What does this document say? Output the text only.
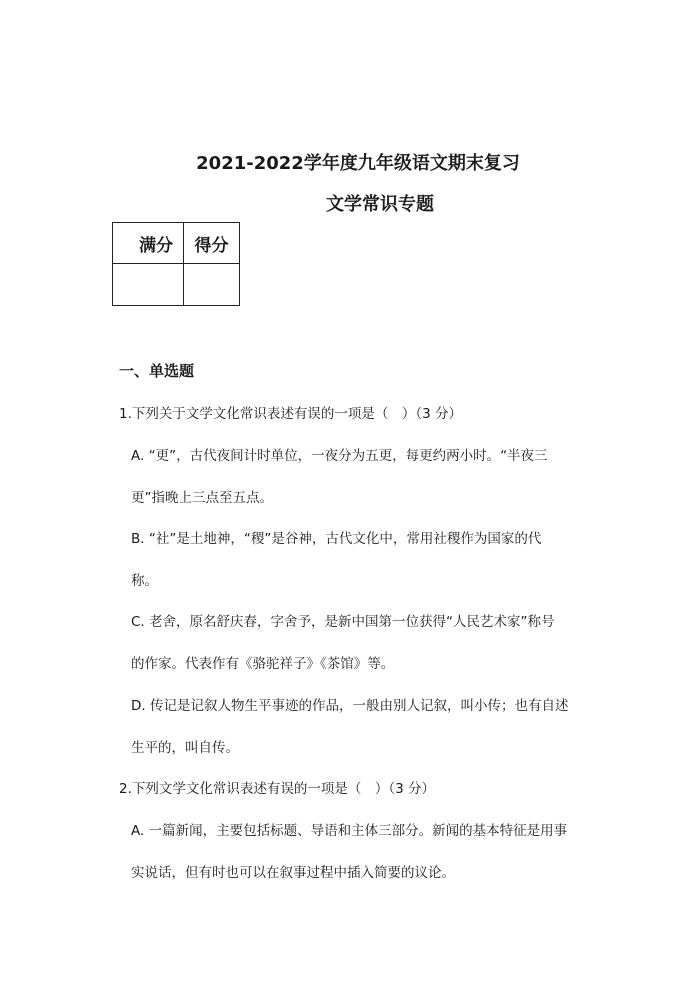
2021-2022学年度九年级语文期末复习
文学常识专题
满分	得分

一、单选题
1.下列关于文学文化常识表述有误的一项是（　）（3 分）
A. “更”，古代夜间计时单位，一夜分为五更，每更约两小时。“半夜三
更”指晚上三点至五点。
B. “社”是土地神，“稷”是谷神，古代文化中，常用社稷作为国家的代
称。
C. 老舍，原名舒庆春，字舍予，是新中国第一位获得“人民艺术家”称号
的作家。代表作有《骆驼祥子》《茶馆》等。
D. 传记是记叙人物生平事迹的作品，一般由别人记叙，叫小传；也有自述
生平的，叫自传。
2.下列文学文化常识表述有误的一项是（　）（3 分）
A. 一篇新闻，主要包括标题、导语和主体三部分。新闻的基本特征是用事
实说话，但有时也可以在叙事过程中插入简要的议论。
